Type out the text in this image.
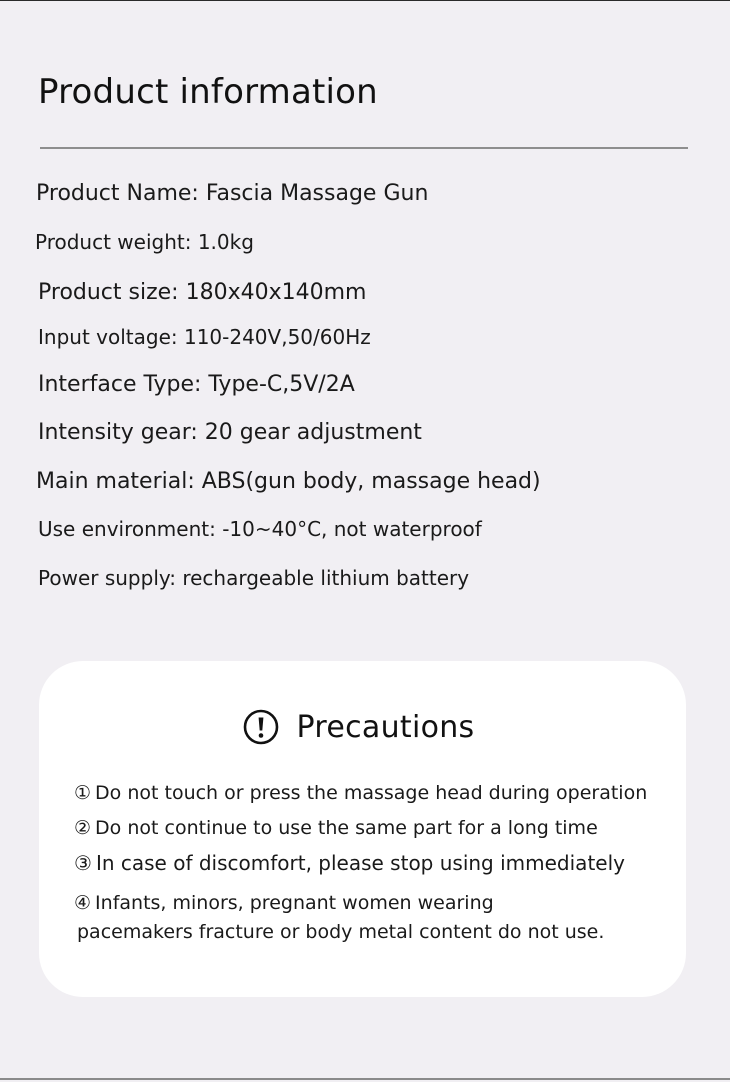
Product information

Product Name: Fascia Massage Gun

Product weight: 1.0kg

Product size: 180x40x140mm

Input voltage: 110-240V,50/60Hz

Interface Type: Type-C,5V/2A

Intensity gear: 20 gear adjustment

Main material: ABS(gun body, massage head)

Use environment: -10~40°C, not waterproof

Power supply: rechargeable lithium battery

Precautions

① Do not touch or press the massage head during operation

② Do not continue to use the same part for a long time

③ In case of discomfort, please stop using immediately

④ Infants, minors, pregnant women wearing

pacemakers fracture or body metal content do not use.
